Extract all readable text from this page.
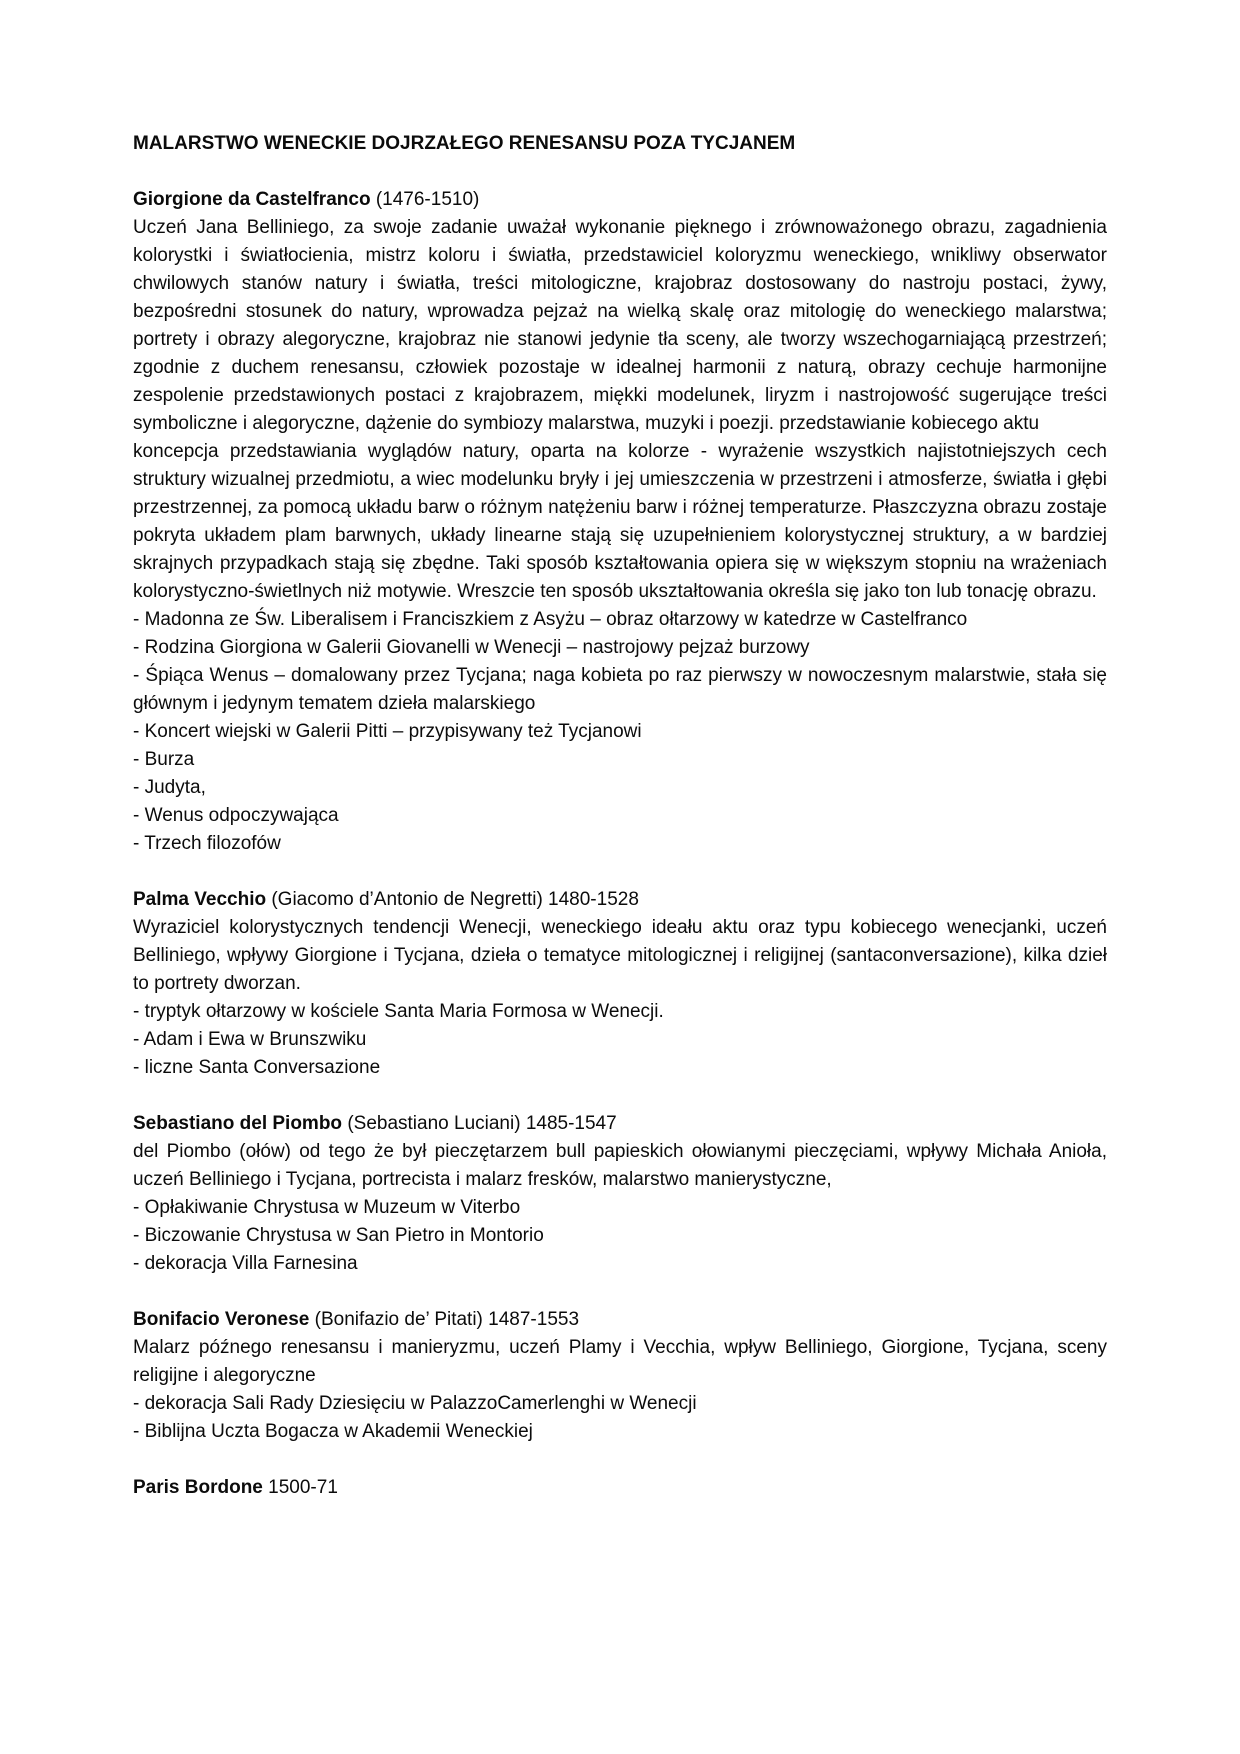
MALARSTWO WENECKIE DOJRZAŁEGO RENESANSU POZA TYCJANEM

Giorgione da Castelfranco (1476-1510)

Uczeń Jana Belliniego, za swoje zadanie uważał wykonanie pięknego i zrównoważonego obrazu, zagadnienia kolorystki i światłocienia, mistrz koloru i światła, przedstawiciel koloryzmu weneckiego, wnikliwy obserwator chwilowych stanów natury i światła, treści mitologiczne, krajobraz dostosowany do nastroju postaci, żywy, bezpośredni stosunek do natury, wprowadza pejzaż na wielką skalę oraz mitologię do weneckiego malarstwa; portrety i obrazy alegoryczne, krajobraz nie stanowi jedynie tła sceny, ale tworzy wszechogarniającą przestrzeń; zgodnie z duchem renesansu, człowiek pozostaje w idealnej harmonii z naturą, obrazy cechuje harmonijne zespolenie przedstawionych postaci z krajobrazem, miękki modelunek, liryzm i nastrojowość sugerujące treści symboliczne i alegoryczne, dążenie do symbiozy malarstwa, muzyki i poezji. przedstawianie kobiecego aktu

koncepcja przedstawiania wyglądów natury, oparta na kolorze - wyrażenie wszystkich najistotniejszych cech struktury wizualnej przedmiotu, a wiec modelunku bryły i jej umieszczenia w przestrzeni i atmosferze, światła i głębi przestrzennej, za pomocą układu barw o różnym natężeniu barw i różnej temperaturze. Płaszczyzna obrazu zostaje pokryta układem plam barwnych, układy linearne stają się uzupełnieniem kolorystycznej struktury, a w bardziej skrajnych przypadkach stają się zbędne. Taki sposób kształtowania opiera się w większym stopniu na wrażeniach kolorystyczno-świetlnych niż motywie. Wreszcie ten sposób ukształtowania określa się jako ton lub tonację obrazu.

- Madonna ze Św. Liberalisem i Franciszkiem z Asyżu – obraz ołtarzowy w katedrze w Castelfranco

- Rodzina Giorgiona w Galerii Giovanelli w Wenecji – nastrojowy pejzaż burzowy

- Śpiąca Wenus – domalowany przez Tycjana; naga kobieta po raz pierwszy w nowoczesnym malarstwie, stała się głównym i jedynym tematem dzieła malarskiego

- Koncert wiejski w Galerii Pitti – przypisywany też Tycjanowi

- Burza

- Judyta,

- Wenus odpoczywająca

- Trzech filozofów

Palma Vecchio (Giacomo d’Antonio de Negretti) 1480-1528

Wyraziciel kolorystycznych tendencji Wenecji, weneckiego ideału aktu oraz typu kobiecego wenecjanki, uczeń Belliniego, wpływy Giorgione i Tycjana, dzieła o tematyce mitologicznej i religijnej (santaconversazione), kilka dzieł to portrety dworzan.

- tryptyk ołtarzowy w kościele Santa Maria Formosa w Wenecji.

- Adam i Ewa w Brunszwiku

- liczne Santa Conversazione

Sebastiano del Piombo (Sebastiano Luciani) 1485-1547

del Piombo (ołów) od tego że był pieczętarzem bull papieskich ołowianymi pieczęciami, wpływy Michała Anioła, uczeń Belliniego i Tycjana, portrecista i malarz fresków, malarstwo manierystyczne,

- Opłakiwanie Chrystusa w Muzeum w Viterbo

- Biczowanie Chrystusa w San Pietro in Montorio

- dekoracja Villa Farnesina

Bonifacio Veronese (Bonifazio de’ Pitati) 1487-1553

Malarz późnego renesansu i manieryzmu, uczeń Plamy i Vecchia, wpływ Belliniego, Giorgione, Tycjana, sceny religijne i alegoryczne

- dekoracja Sali Rady Dziesięciu w PalazzoCamerlenghi w Wenecji

- Biblijna Uczta Bogacza w Akademii Weneckiej

Paris Bordone 1500-71
